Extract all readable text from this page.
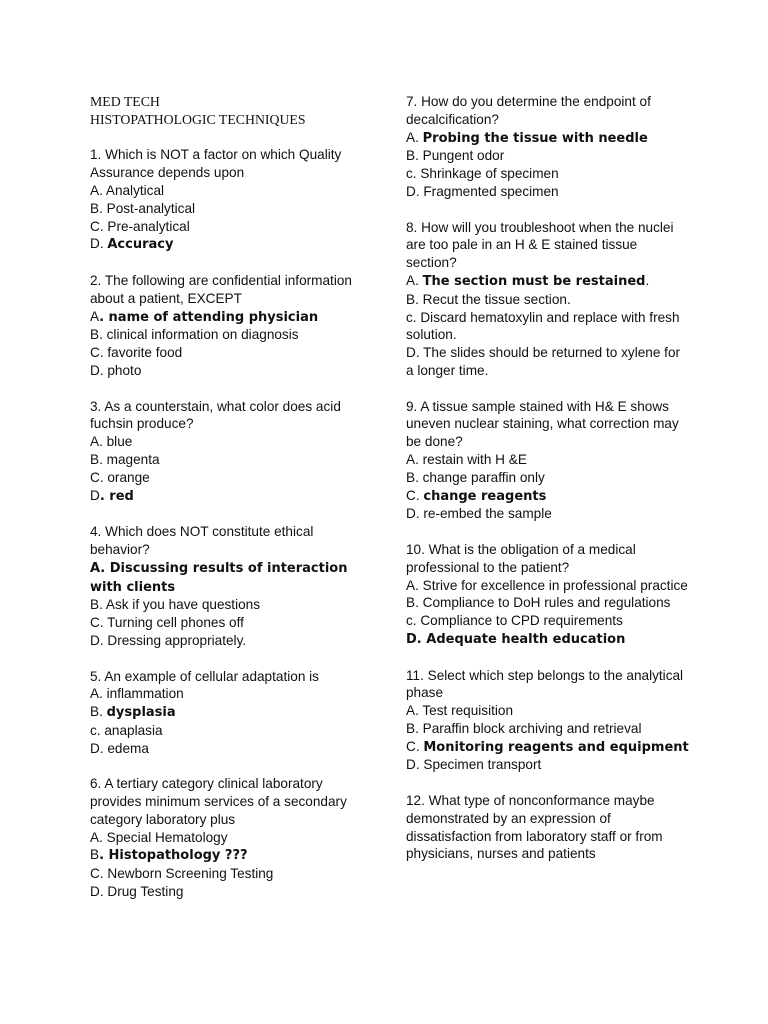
MED TECH
HISTOPATHOLOGIC TECHNIQUES
1. Which is NOT a factor on which Quality Assurance depends upon
A. Analytical
B. Post-analytical
C. Pre-analytical
D. Accuracy
2. The following are confidential information about a patient, EXCEPT
A. name of attending physician
B. clinical information on diagnosis
C. favorite food
D. photo
3. As a counterstain, what color does acid fuchsin produce?
A. blue
B. magenta
C. orange
D. red
4. Which does NOT constitute ethical behavior?
A. Discussing results of interaction with clients
B. Ask if you have questions
C. Turning cell phones off
D. Dressing appropriately.
5. An example of cellular adaptation is
A. inflammation
B. dysplasia
c. anaplasia
D. edema
6. A tertiary category clinical laboratory provides minimum services of a secondary category laboratory plus
A. Special Hematology
B. Histopathology ???
C. Newborn Screening Testing
D. Drug Testing
7. How do you determine the endpoint of decalcification?
A. Probing the tissue with needle
B. Pungent odor
c. Shrinkage of specimen
D. Fragmented specimen
8. How will you troubleshoot when the nuclei are too pale in an H & E stained tissue section?
A. The section must be restained.
B. Recut the tissue section.
c. Discard hematoxylin and replace with fresh solution.
D. The slides should be returned to xylene for a longer time.
9. A tissue sample stained with H& E shows uneven nuclear staining, what correction may be done?
A. restain with H &E
B. change paraffin only
C. change reagents
D. re-embed the sample
10. What is the obligation of a medical professional to the patient?
A. Strive for excellence in professional practice
B. Compliance to DoH rules and regulations
c. Compliance to CPD requirements
D. Adequate health education
11. Select which step belongs to the analytical phase
A. Test requisition
B. Paraffin block archiving and retrieval
C. Monitoring reagents and equipment
D. Specimen transport
12. What type of nonconformance maybe demonstrated by an expression of dissatisfaction from laboratory staff or from physicians, nurses and patients
